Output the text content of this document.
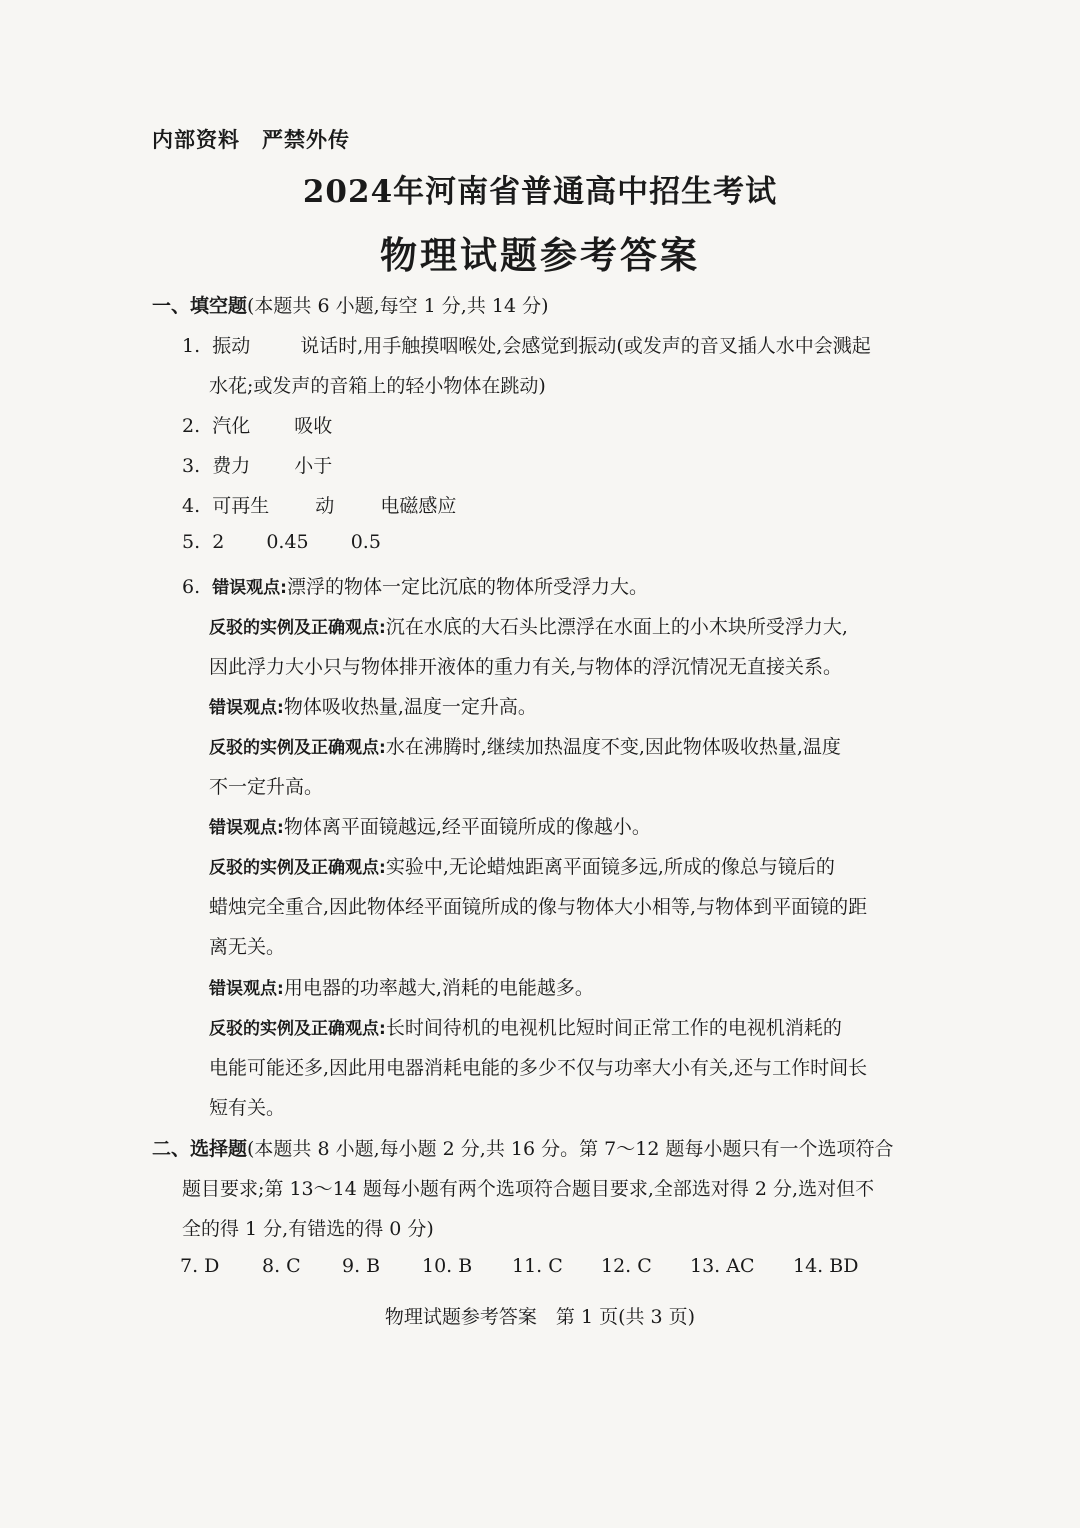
内部资料　严禁外传
2024年河南省普通高中招生考试
物理试题参考答案
一、填空题(本题共 6 小题,每空 1 分,共 14 分)
1. 振动	说话时,用手触摸咽喉处,会感觉到振动(或发声的音叉插人水中会溅起
水花;或发声的音箱上的轻小物体在跳动)
2. 汽化 吸收
3. 费力 小于
4. 可再生 动 电磁感应
5. 2 0.45 0.5
6. 错误观点:漂浮的物体一定比沉底的物体所受浮力大。
反驳的实例及正确观点:沉在水底的大石头比漂浮在水面上的小木块所受浮力大,
因此浮力大小只与物体排开液体的重力有关,与物体的浮沉情况无直接关系。
错误观点:物体吸收热量,温度一定升高。
反驳的实例及正确观点:水在沸腾时,继续加热温度不变,因此物体吸收热量,温度
不一定升高。
错误观点:物体离平面镜越远,经平面镜所成的像越小。
反驳的实例及正确观点:实验中,无论蜡烛距离平面镜多远,所成的像总与镜后的
蜡烛完全重合,因此物体经平面镜所成的像与物体大小相等,与物体到平面镜的距
离无关。
错误观点:用电器的功率越大,消耗的电能越多。
反驳的实例及正确观点:长时间待机的电视机比短时间正常工作的电视机消耗的
电能可能还多,因此用电器消耗电能的多少不仅与功率大小有关,还与工作时间长
短有关。
二、选择题(本题共 8 小题,每小题 2 分,共 16 分。第 7～12 题每小题只有一个选项符合
题目要求;第 13～14 题每小题有两个选项符合题目要求,全部选对得 2 分,选对但不
全的得 1 分,有错选的得 0 分)
7. D 8. C 9. B 10. B 11. C 12. C 13. AC 14. BD
物理试题参考答案　第 1 页(共 3 页)
